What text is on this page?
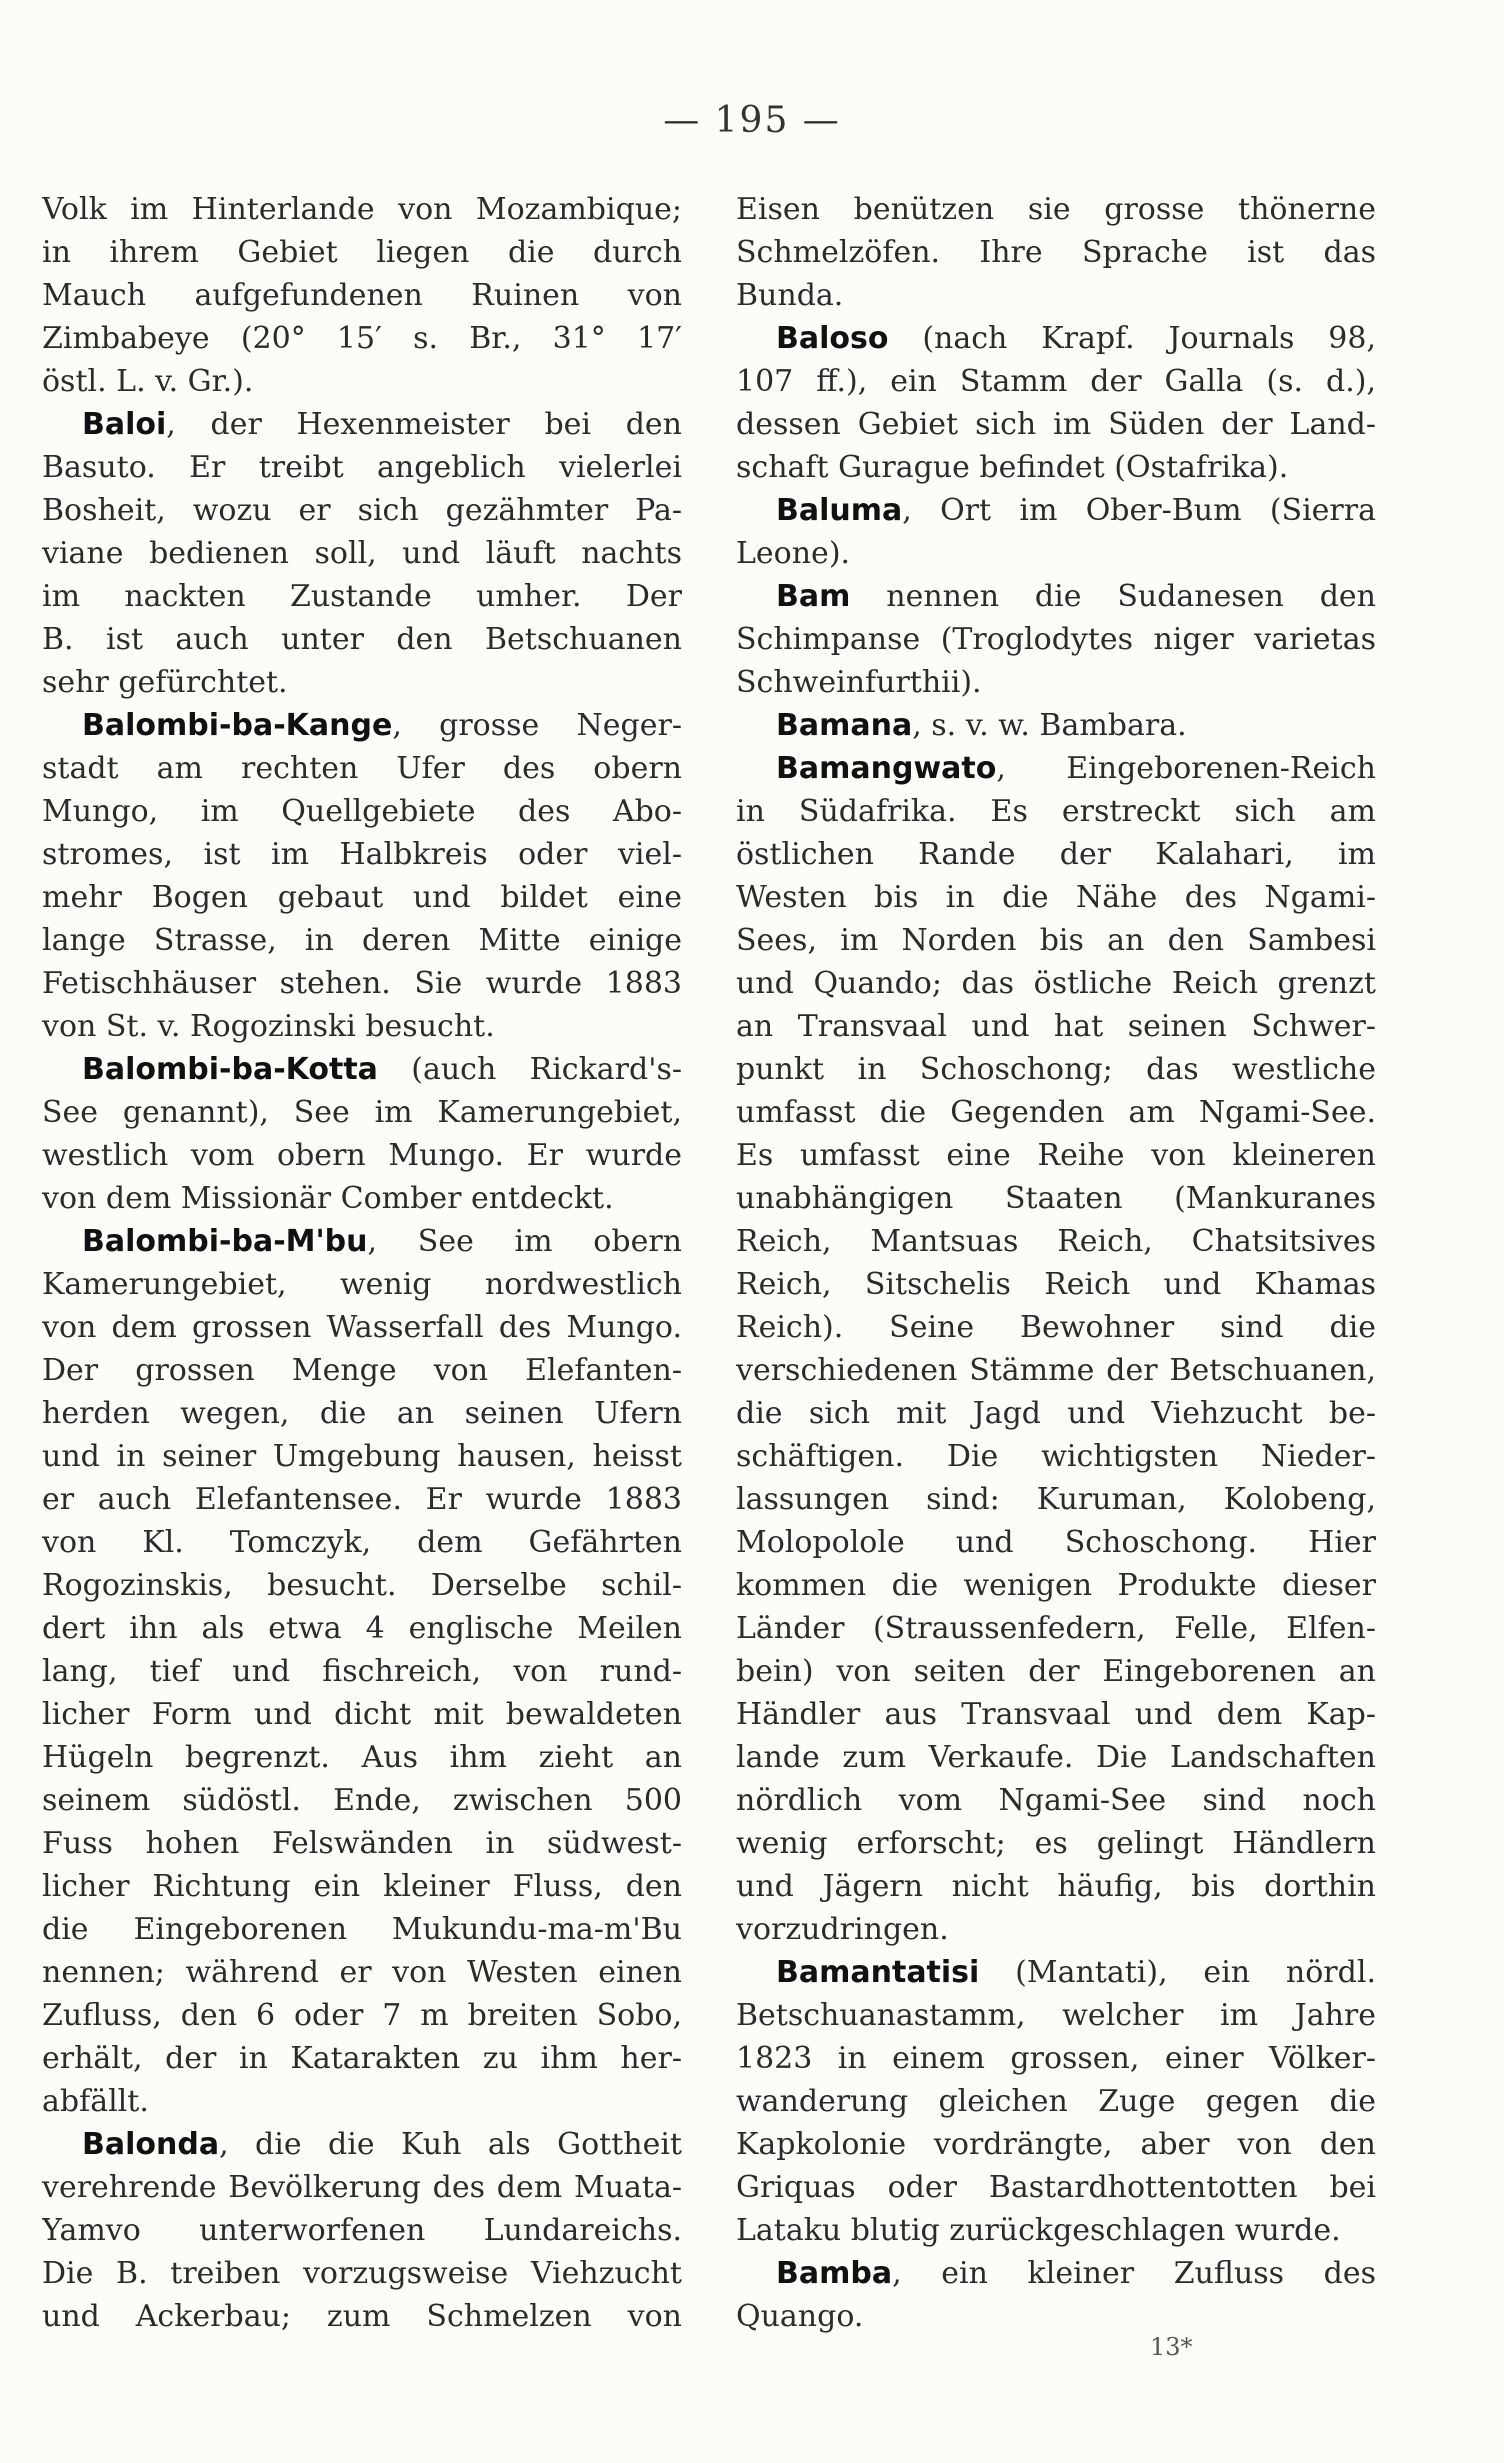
— 195 —
Volk im Hinterlande von Mozambique;
in ihrem Gebiet liegen die durch
Mauch aufgefundenen Ruinen von
Zimbabeye (20° 15′ s. Br., 31° 17′
östl. L. v. Gr.).
Baloi, der Hexenmeister bei den
Basuto. Er treibt angeblich vielerlei
Bosheit, wozu er sich gezähmter Pa-
viane bedienen soll, und läuft nachts
im nackten Zustande umher. Der
B. ist auch unter den Betschuanen
sehr gefürchtet.
Balombi-ba-Kange, grosse Neger-
stadt am rechten Ufer des obern
Mungo, im Quellgebiete des Abo-
stromes, ist im Halbkreis oder viel-
mehr Bogen gebaut und bildet eine
lange Strasse, in deren Mitte einige
Fetischhäuser stehen. Sie wurde 1883
von St. v. Rogozinski besucht.
Balombi-ba-Kotta (auch Rickard's-
See genannt), See im Kamerungebiet,
westlich vom obern Mungo. Er wurde
von dem Missionär Comber entdeckt.
Balombi-ba-M'bu, See im obern
Kamerungebiet, wenig nordwestlich
von dem grossen Wasserfall des Mungo.
Der grossen Menge von Elefanten-
herden wegen, die an seinen Ufern
und in seiner Umgebung hausen, heisst
er auch Elefantensee. Er wurde 1883
von Kl. Tomczyk, dem Gefährten
Rogozinskis, besucht. Derselbe schil-
dert ihn als etwa 4 englische Meilen
lang, tief und fischreich, von rund-
licher Form und dicht mit bewaldeten
Hügeln begrenzt. Aus ihm zieht an
seinem südöstl. Ende, zwischen 500
Fuss hohen Felswänden in südwest-
licher Richtung ein kleiner Fluss, den
die Eingeborenen Mukundu-ma-m'Bu
nennen; während er von Westen einen
Zufluss, den 6 oder 7 m breiten Sobo,
erhält, der in Katarakten zu ihm her-
abfällt.
Balonda, die die Kuh als Gottheit
verehrende Bevölkerung des dem Muata-
Yamvo unterworfenen Lundareichs.
Die B. treiben vorzugsweise Viehzucht
und Ackerbau; zum Schmelzen von
Eisen benützen sie grosse thönerne
Schmelzöfen. Ihre Sprache ist das
Bunda.
Baloso (nach Krapf. Journals 98,
107 ff.), ein Stamm der Galla (s. d.),
dessen Gebiet sich im Süden der Land-
schaft Gurague befindet (Ostafrika).
Baluma, Ort im Ober-Bum (Sierra
Leone).
Bam nennen die Sudanesen den
Schimpanse (Troglodytes niger varietas
Schweinfurthii).
Bamana, s. v. w. Bambara.
Bamangwato, Eingeborenen-Reich
in Südafrika. Es erstreckt sich am
östlichen Rande der Kalahari, im
Westen bis in die Nähe des Ngami-
Sees, im Norden bis an den Sambesi
und Quando; das östliche Reich grenzt
an Transvaal und hat seinen Schwer-
punkt in Schoschong; das westliche
umfasst die Gegenden am Ngami-See.
Es umfasst eine Reihe von kleineren
unabhängigen Staaten (Mankuranes
Reich, Mantsuas Reich, Chatsitsives
Reich, Sitschelis Reich und Khamas
Reich). Seine Bewohner sind die
verschiedenen Stämme der Betschuanen,
die sich mit Jagd und Viehzucht be-
schäftigen. Die wichtigsten Nieder-
lassungen sind: Kuruman, Kolobeng,
Molopolole und Schoschong. Hier
kommen die wenigen Produkte dieser
Länder (Straussenfedern, Felle, Elfen-
bein) von seiten der Eingeborenen an
Händler aus Transvaal und dem Kap-
lande zum Verkaufe. Die Landschaften
nördlich vom Ngami-See sind noch
wenig erforscht; es gelingt Händlern
und Jägern nicht häufig, bis dorthin
vorzudringen.
Bamantatisi (Mantati), ein nördl.
Betschuanastamm, welcher im Jahre
1823 in einem grossen, einer Völker-
wanderung gleichen Zuge gegen die
Kapkolonie vordrängte, aber von den
Griquas oder Bastardhottentotten bei
Lataku blutig zurückgeschlagen wurde.
Bamba, ein kleiner Zufluss des
Quango.
13*
